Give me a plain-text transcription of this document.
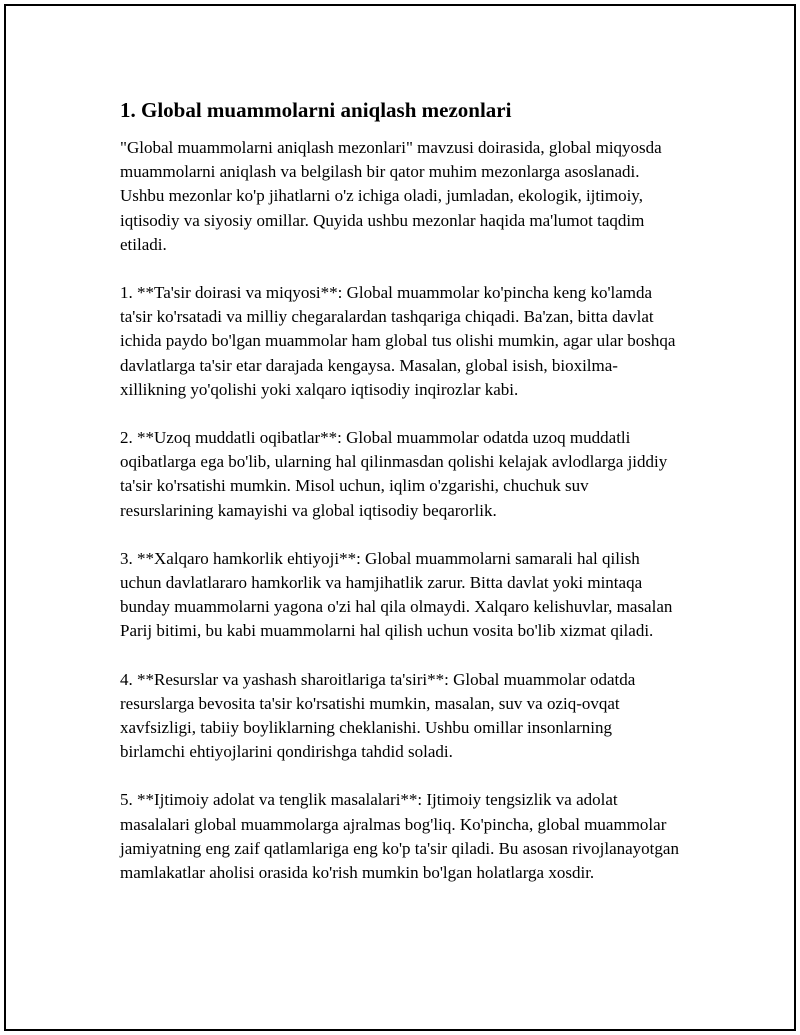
1. Global muammolarni aniqlash mezonlari

"Global muammolarni aniqlash mezonlari" mavzusi doirasida, global miqyosda muammolarni aniqlash va belgilash bir qator muhim mezonlarga asoslanadi. Ushbu mezonlar ko'p jihatlarni o'z ichiga oladi, jumladan, ekologik, ijtimoiy, iqtisodiy va siyosiy omillar. Quyida ushbu mezonlar haqida ma'lumot taqdim etiladi.

1. **Ta'sir doirasi va miqyosi**: Global muammolar ko'pincha keng ko'lamda ta'sir ko'rsatadi va milliy chegaralardan tashqariga chiqadi. Ba'zan, bitta davlat ichida paydo bo'lgan muammolar ham global tus olishi mumkin, agar ular boshqa davlatlarga ta'sir etar darajada kengaysa. Masalan, global isish, bioxilma-xillikning yo'qolishi yoki xalqaro iqtisodiy inqirozlar kabi.

2. **Uzoq muddatli oqibatlar**: Global muammolar odatda uzoq muddatli oqibatlarga ega bo'lib, ularning hal qilinmasdan qolishi kelajak avlodlarga jiddiy ta'sir ko'rsatishi mumkin. Misol uchun, iqlim o'zgarishi, chuchuk suv resurslarining kamayishi va global iqtisodiy beqarorlik.

3. **Xalqaro hamkorlik ehtiyoji**: Global muammolarni samarali hal qilish uchun davlatlararo hamkorlik va hamjihatlik zarur. Bitta davlat yoki mintaqa bunday muammolarni yagona o'zi hal qila olmaydi. Xalqaro kelishuvlar, masalan Parij bitimi, bu kabi muammolarni hal qilish uchun vosita bo'lib xizmat qiladi.

4. **Resurslar va yashash sharoitlariga ta'siri**: Global muammolar odatda resurslarga bevosita ta'sir ko'rsatishi mumkin, masalan, suv va oziq-ovqat xavfsizligi, tabiiy boyliklarning cheklanishi. Ushbu omillar insonlarning birlamchi ehtiyojlarini qondirishga tahdid soladi.

5. **Ijtimoiy adolat va tenglik masalalari**: Ijtimoiy tengsizlik va adolat masalalari global muammolarga ajralmas bog'liq. Ko'pincha, global muammolar jamiyatning eng zaif qatlamlariga eng ko'p ta'sir qiladi. Bu asosan rivojlanayotgan mamlakatlar aholisi orasida ko'rish mumkin bo'lgan holatlarga xosdir.
